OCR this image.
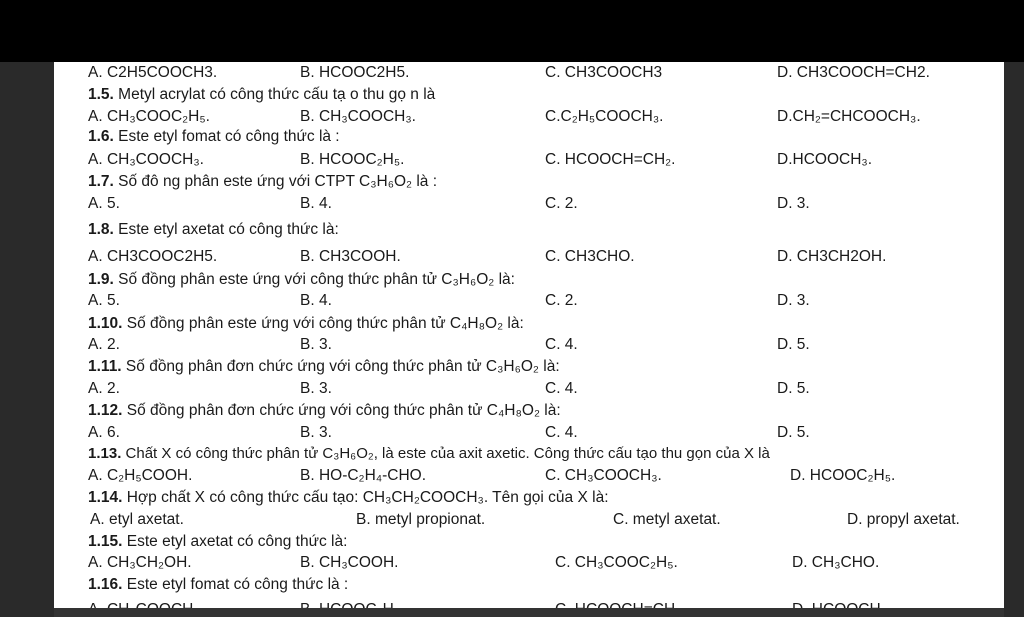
A. C2H5COOCH3.	B. HCOOC2H5.	C. CH3COOCH3	D. CH3COOCH=CH2.
1.5. Metyl acrylat có công thức cấu tạ o thu gọ n là
A. CH₃COOC₂H₅.	B. CH₃COOCH₃.	C.C₂H₅COOCH₃.	D.CH₂=CHCOOCH₃.
1.6. Este etyl fomat có công thức là :
A. CH₃COOCH₃.	B. HCOOC₂H₅.	C. HCOOCH=CH₂.	D.HCOOCH₃.
1.7. Số đô ng phân este ứng với CTPT C₃H₆O₂ là :
A. 5.	B. 4.	C. 2.	D. 3.
1.8. Este etyl axetat có công thức là:
A. CH3COOC2H5.	B. CH3COOH.	C. CH3CHO.	D. CH3CH2OH.
1.9. Số đồng phân este ứng với công thức phân tử C₃H₆O₂ là:
A. 5.	B. 4.	C. 2.	D. 3.
1.10. Số đồng phân este ứng với công thức phân tử C₄H₈O₂ là:
A. 2.	B. 3.	C. 4.	D. 5.
1.11. Số đồng phân đơn chức ứng với công thức phân tử C₃H₆O₂ là:
A. 2.	B. 3.	C. 4.	D. 5.
1.12. Số đồng phân đơn chức ứng với công thức phân tử C₄H₈O₂ là:
A. 6.	B. 3.	C. 4.	D. 5.
1.13. Chất X có công thức phân tử C₃H₆O₂, là este của axit axetic. Công thức cấu tạo thu gọn của X là
A. C₂H₅COOH.	B. HO-C₂H₄-CHO.	C. CH₃COOCH₃.	D. HCOOC₂H₅.
1.14. Hợp chất X có công thức cấu tạo: CH₃CH₂COOCH₃. Tên gọi của X là:
A. etyl axetat.	B. metyl propionat.	C. metyl axetat.	D. propyl axetat.
1.15. Este etyl axetat có công thức là:
A. CH₃CH₂OH.	B. CH₃COOH.	C. CH₃COOC₂H₅.	D. CH₃CHO.
1.16. Este etyl fomat có công thức là :
